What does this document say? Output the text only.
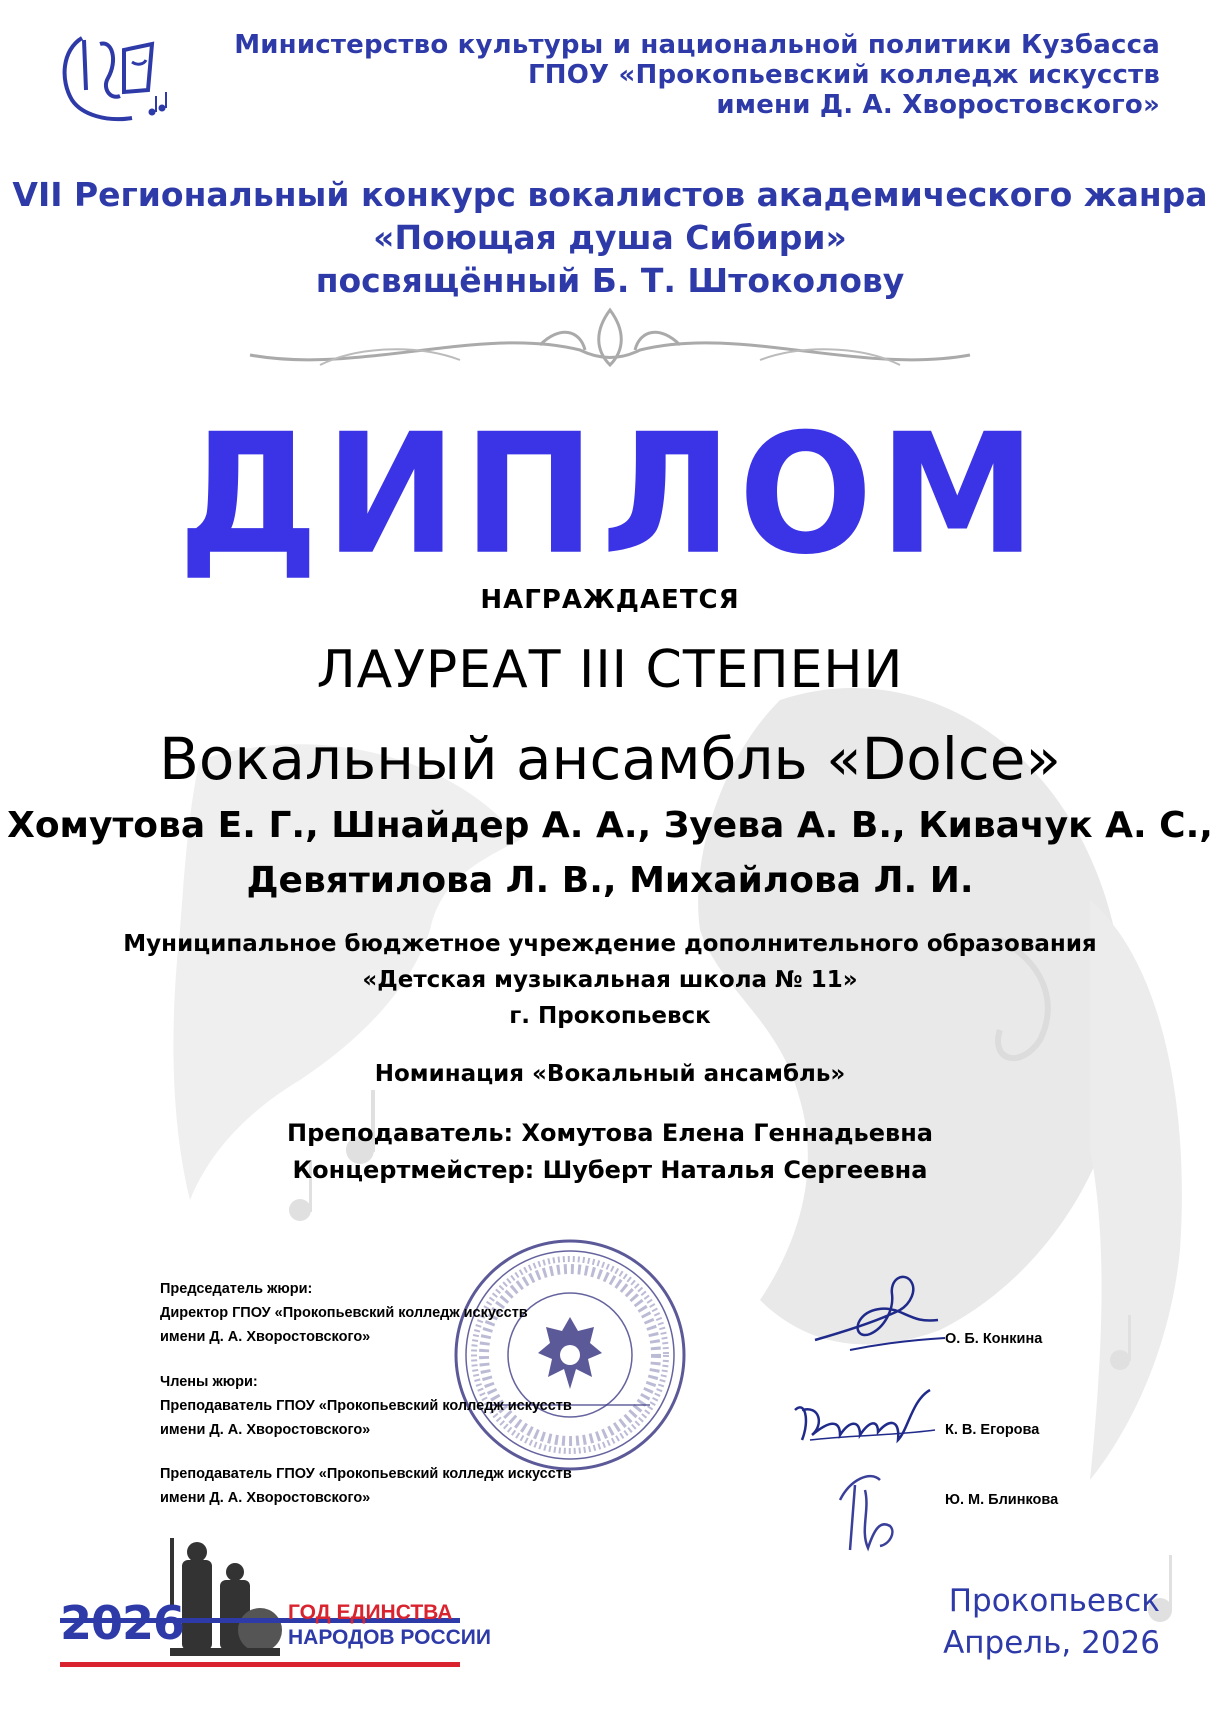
Министерство культуры и национальной политики Кузбасса
ГПОУ «Прокопьевский колледж искусств
имени Д. А. Хворостовского»
VII Региональный конкурс вокалистов академического жанра
«Поющая душа Сибири»
посвящённый Б. Т. Штоколову
ДИПЛОМ
НАГРАЖДАЕТСЯ
ЛАУРЕАТ III СТЕПЕНИ
Вокальный ансамбль «Dolce»
Хомутова Е. Г., Шнайдер А. А., Зуева А. В., Кивачук А. С.,
Девятилова Л. В., Михайлова Л. И.
Муниципальное бюджетное учреждение дополнительного образования
«Детская музыкальная школа № 11»
г. Прокопьевск
Номинация «Вокальный ансамбль»
Преподаватель: Хомутова Елена Геннадьевна
Концертмейстер: Шуберт Наталья Сергеевна
Председатель жюри:
Директор ГПОУ «Прокопьевский колледж искусств
имени Д. А. Хворостовского»
Члены жюри:
Преподаватель ГПОУ «Прокопьевский колледж искусств
имени Д. А. Хворостовского»
Преподаватель ГПОУ «Прокопьевский колледж искусств
имени Д. А. Хворостовского»
О. Б. Конкина
К. В. Егорова
Ю. М. Блинкова
2026	ГОД ЕДИНСТВА
НАРОДОВ РОССИИ
Прокопьевск
Апрель, 2026
